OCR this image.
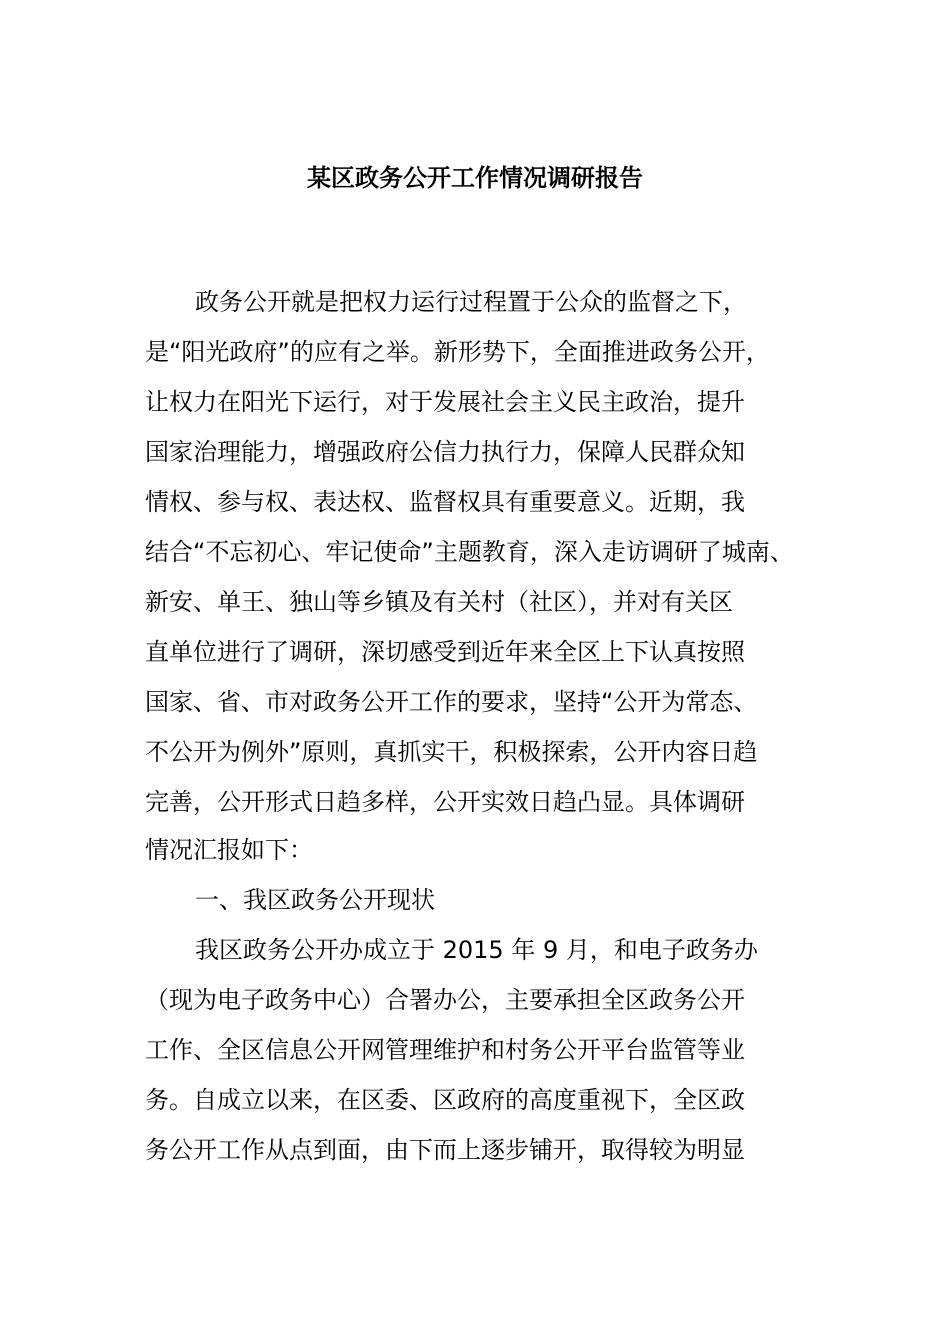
某区政务公开工作情况调研报告
政务公开就是把权力运行过程置于公众的监督之下，
是“阳光政府”的应有之举。新形势下，全面推进政务公开，
让权力在阳光下运行，对于发展社会主义民主政治，提升
国家治理能力，增强政府公信力执行力，保障人民群众知
情权、参与权、表达权、监督权具有重要意义。近期，我
结合“不忘初心、牢记使命”主题教育，深入走访调研了城南、
新安、单王、独山等乡镇及有关村（社区），并对有关区
直单位进行了调研，深切感受到近年来全区上下认真按照
国家、省、市对政务公开工作的要求，坚持“公开为常态、
不公开为例外”原则，真抓实干，积极探索，公开内容日趋
完善，公开形式日趋多样，公开实效日趋凸显。具体调研
情况汇报如下：
一、我区政务公开现状
我区政务公开办成立于 2015 年 9 月，和电子政务办
（现为电子政务中心）合署办公，主要承担全区政务公开
工作、全区信息公开网管理维护和村务公开平台监管等业
务。自成立以来，在区委、区政府的高度重视下，全区政
务公开工作从点到面，由下而上逐步铺开，取得较为明显
